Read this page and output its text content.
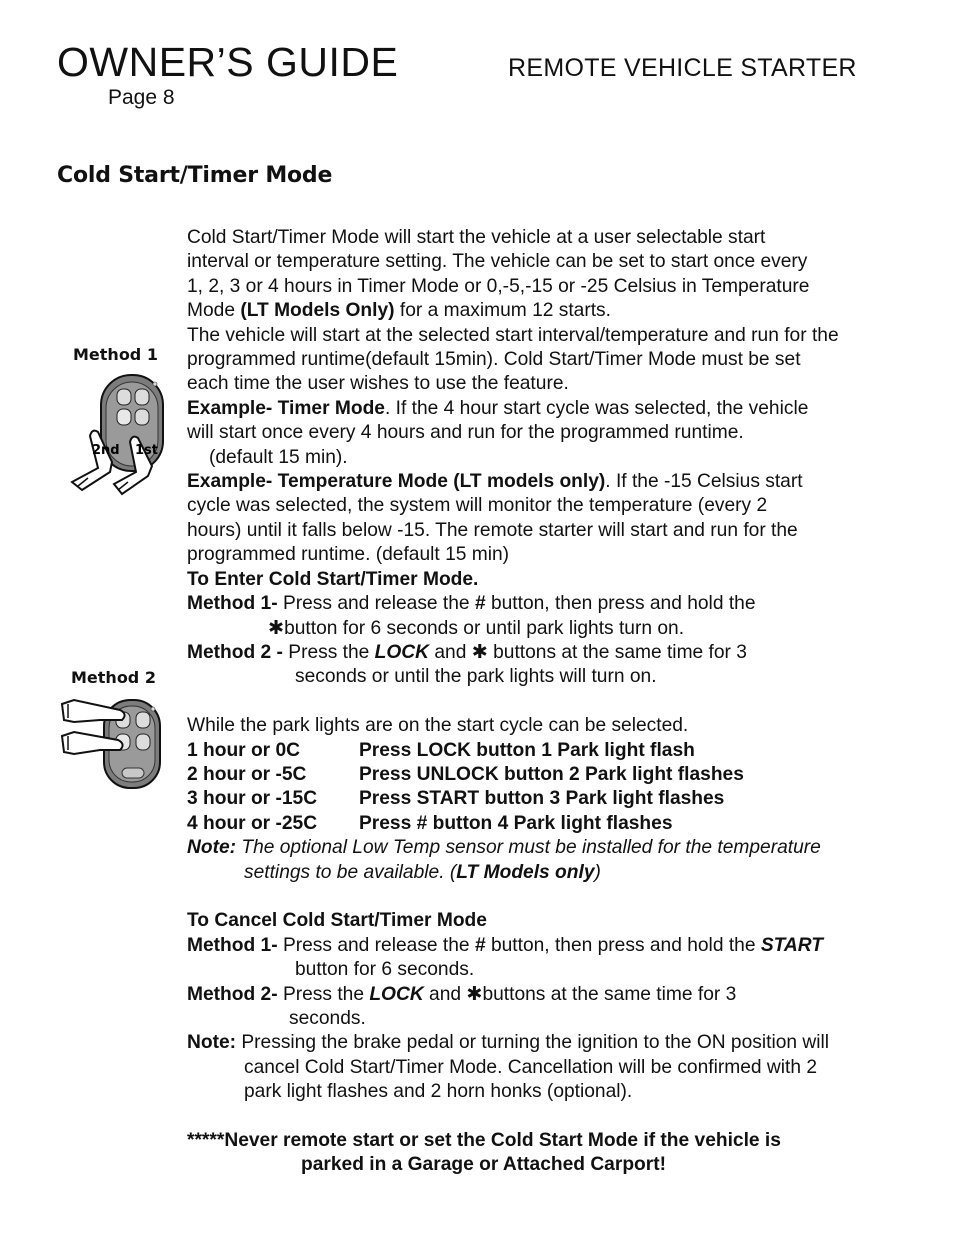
OWNER’S GUIDE	REMOTE VEHICLE STARTER
Page 8
Cold Start/Timer Mode
Method 1
2nd 1st
Method 2

Cold Start/Timer Mode will start the vehicle at a user selectable start

interval or temperature setting. The vehicle can be set to start once every

1, 2, 3 or 4 hours in Timer Mode or 0,-5,-15 or -25 Celsius in Temperature

Mode (LT Models Only) for a maximum 12 starts.

The vehicle will start at the selected start interval/temperature and run for the

programmed runtime(default 15min). Cold Start/Timer Mode must be set

each time the user wishes to use the feature.

Example- Timer Mode. If the 4 hour start cycle was selected, the vehicle

will start once every 4 hours and run for the programmed runtime.

(default 15 min).

Example- Temperature Mode (LT models only). If the -15 Celsius start

cycle was selected, the system will monitor the temperature (every 2

hours) until it falls below -15. The remote starter will start and run for the

programmed runtime. (default 15 min)

To Enter Cold Start/Timer Mode.

Method 1- Press and release the # button, then press and hold the

✱button for 6 seconds or until park lights turn on.

Method 2 - Press the LOCK and ✱ buttons at the same time for 3

seconds or until the park lights will turn on.

While the park lights are on the start cycle can be selected.

1 hour or 0C	Press LOCK button 1 Park light flash
2 hour or -5C	Press UNLOCK button 2 Park light flashes
3 hour or -15C	Press START button 3 Park light flashes
4 hour or -25C	Press # button 4 Park light flashes

Note: The optional Low Temp sensor must be installed for the temperature

settings to be available. (LT Models only)

To Cancel Cold Start/Timer Mode

Method 1- Press and release the # button, then press and hold the START

button for 6 seconds.

Method 2- Press the LOCK and ✱buttons at the same time for 3

seconds.

Note: Pressing the brake pedal or turning the ignition to the ON position will

cancel Cold Start/Timer Mode. Cancellation will be confirmed with 2

park light flashes and 2 horn honks (optional).

*****Never remote start or set the Cold Start Mode if the vehicle is

parked in a Garage or Attached Carport!
